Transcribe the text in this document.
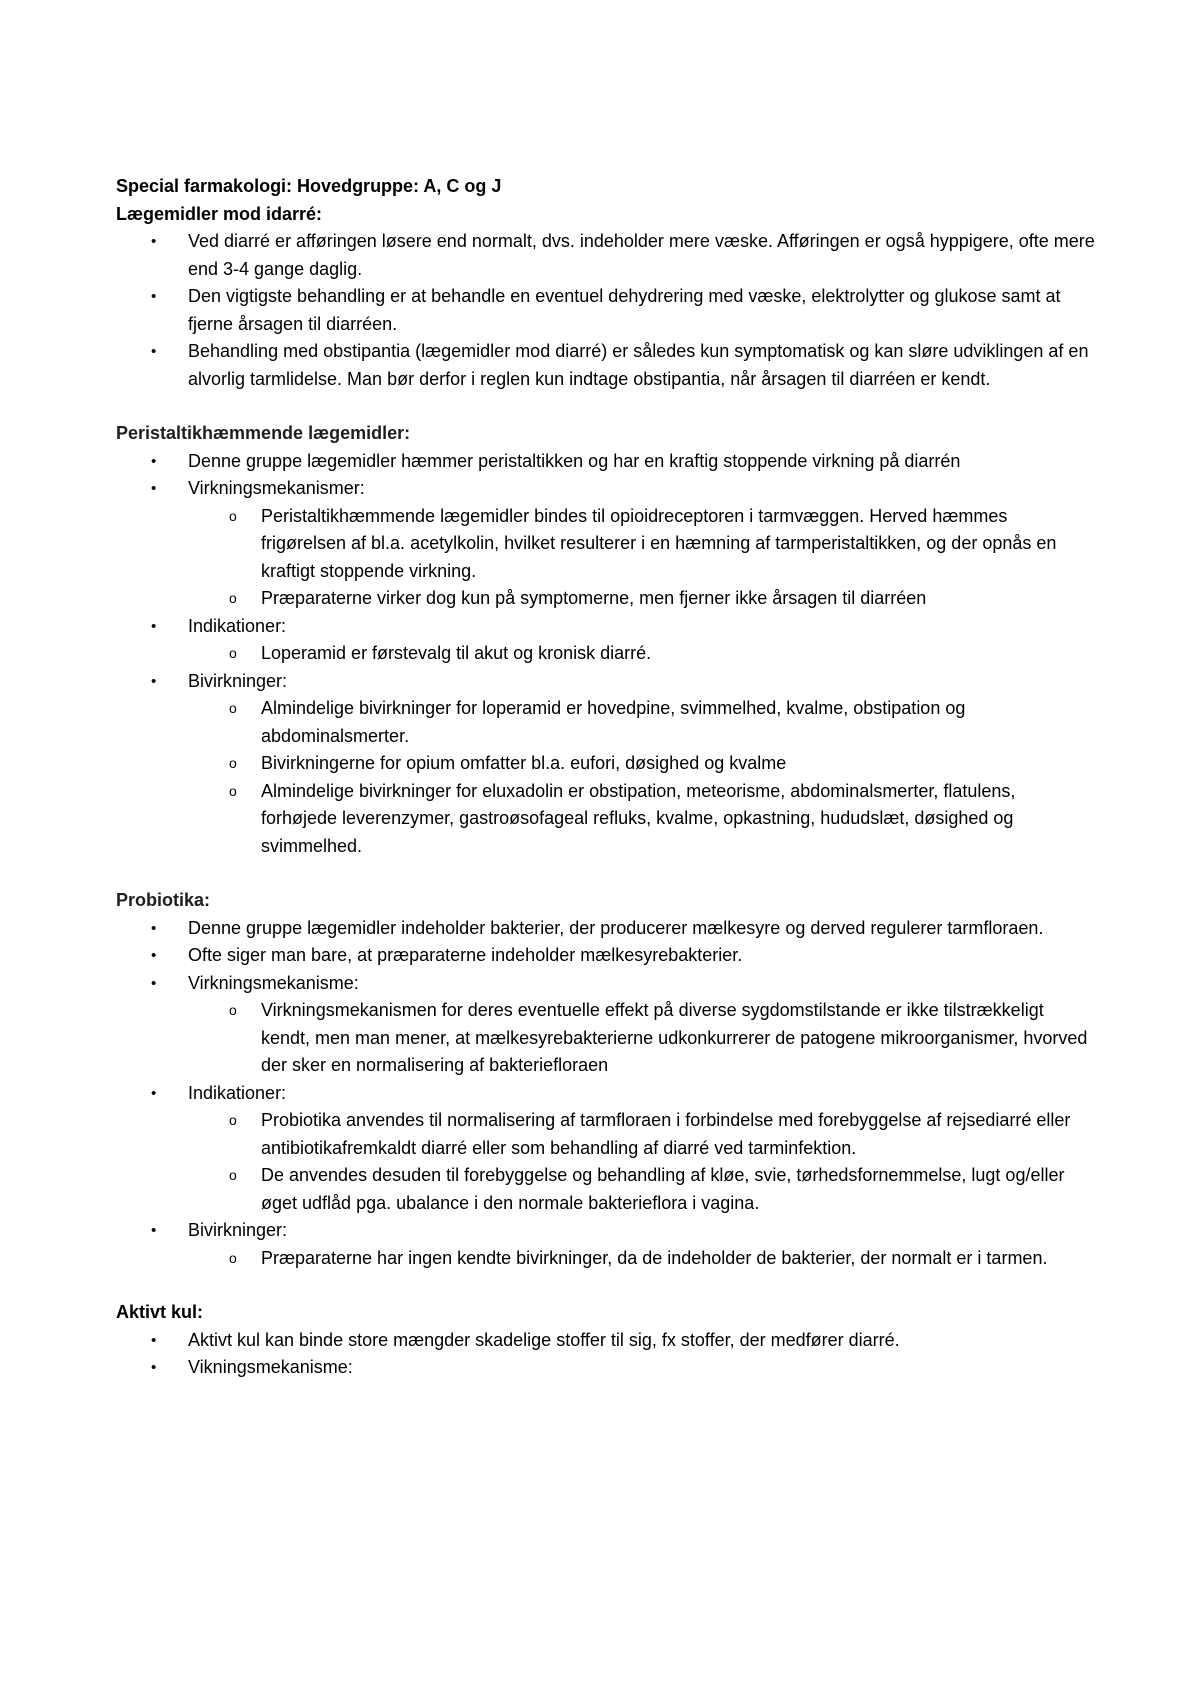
Special farmakologi: Hovedgruppe: A, C og J

Lægemidler mod idarré:

• Ved diarré er afføringen løsere end normalt, dvs. indeholder mere væske. Afføringen er også hyppigere, ofte mere end 3-4 gange daglig.
• Den vigtigste behandling er at behandle en eventuel dehydrering med væske, elektrolytter og glukose samt at fjerne årsagen til diarréen.
• Behandling med obstipantia (lægemidler mod diarré) er således kun symptomatisk og kan sløre udviklingen af en alvorlig tarmlidelse. Man bør derfor i reglen kun indtage obstipantia, når årsagen til diarréen er kendt.

Peristaltikhæmmende lægemidler:

• Denne gruppe lægemidler hæmmer peristaltikken og har en kraftig stoppende virkning på diarrén
• Virkningsmekanismer:
o Peristaltikhæmmende lægemidler bindes til opioidreceptoren i tarmvæggen. Herved hæmmes frigørelsen af bl.a. acetylkolin, hvilket resulterer i en hæmning af tarmperistaltikken, og der opnås en kraftigt stoppende virkning.
o Præparaterne virker dog kun på symptomerne, men fjerner ikke årsagen til diarréen
• Indikationer:
o Loperamid er førstevalg til akut og kronisk diarré.
• Bivirkninger:
o Almindelige bivirkninger for loperamid er hovedpine, svimmelhed, kvalme, obstipation og abdominalsmerter.
o Bivirkningerne for opium omfatter bl.a. eufori, døsighed og kvalme
o Almindelige bivirkninger for eluxadolin er obstipation, meteorisme, abdominalsmerter, flatulens, forhøjede leverenzymer, gastroøsofageal refluks, kvalme, opkastning, hududslæt, døsighed og svimmelhed.

Probiotika:

• Denne gruppe lægemidler indeholder bakterier, der producerer mælkesyre og derved regulerer tarmfloraen.
• Ofte siger man bare, at præparaterne indeholder mælkesyrebakterier.
• Virkningsmekanisme:
o Virkningsmekanismen for deres eventuelle effekt på diverse sygdomstilstande er ikke tilstrækkeligt kendt, men man mener, at mælkesyrebakterierne udkonkurrerer de patogene mikroorganismer, hvorved der sker en normalisering af bakteriefloraen
• Indikationer:
o Probiotika anvendes til normalisering af tarmfloraen i forbindelse med forebyggelse af rejsediarré eller antibiotikafremkaldt diarré eller som behandling af diarré ved tarminfektion.
o De anvendes desuden til forebyggelse og behandling af kløe, svie, tørhedsfornemmelse, lugt og/eller øget udflåd pga. ubalance i den normale bakterieflora i vagina.
• Bivirkninger:
o Præparaterne har ingen kendte bivirkninger, da de indeholder de bakterier, der normalt er i tarmen.

Aktivt kul:

• Aktivt kul kan binde store mængder skadelige stoffer til sig, fx stoffer, der medfører diarré.
• Vikningsmekanisme:
